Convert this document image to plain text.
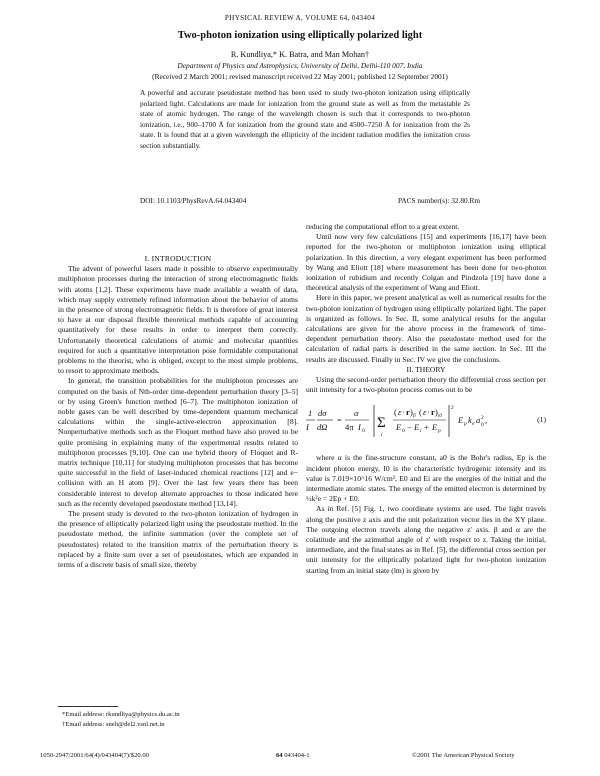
PHYSICAL REVIEW A, VOLUME 64, 043404
Two-photon ionization using elliptically polarized light
R. Kundliya,* K. Batra, and Man Mohan†
Department of Physics and Astrophysics, University of Delhi, Delhi-110 007, India
(Received 2 March 2001; revised manuscript received 22 May 2001; published 12 September 2001)
A powerful and accurate pseudostate method has been used to study two-photon ionization using elliptically polarized light. Calculations are made for ionization from the ground state as well as from the metastable 2s state of atomic hydrogen. The range of the wavelength chosen is such that it corresponds to two-photon ionization, i.e., 900–1700 Å for ionization from the ground state and 4500–7250 Å for ionization from the 2s state. It is found that at a given wavelength the ellipticity of the incident radiation modifies the ionization cross section substantially.
DOI: 10.1103/PhysRevA.64.043404	PACS number(s): 32.80.Rm

I. INTRODUCTION

The advent of powerful lasers made it possible to observe experimentally multiphoton processes during the interaction of strong electromagnetic fields with atoms [1,2]. These experiments have made available a wealth of data, which may supply extremely refined information about the behavior of atoms in the presence of strong electromagnetic fields. It is therefore of great interest to have at our disposal flexible theoretical methods capable of accounting quantitatively for these results in order to interpret them correctly. Unfortunately theoretical calculations of atomic and molecular quantities required for such a quantitative interpretation pose formidable computational problems to the theorist, who is obliged, except to the most simple problems, to resort to approximate methods.

In general, the transition probabilities for the multiphoton processes are computed on the basis of Nth-order time-dependent perturbation theory [3–5] or by using Green's function method [6–7]. The multiphoton ionization of noble gases can be well described by time-dependent quantum mechanical calculations within the single-active-electron approximation [8]. Nonperturbative methods such as the Floquet method have also proved to be quite promising in explaining many of the experimental results related to multiphoton processes [9,10]. One can use hybrid theory of Floquet and R-matrix technique [10,11] for studying multiphoton processes that has become quite successful in the field of laser-induced chemical reactions [12] and e− collision with an H atom [9]. Over the last few years there has been considerable interest to develop alternate approaches to those indicated here such as the recently developed pseudostate method [13,14].

The present study is devoted to the two-photon ionization of hydrogen in the presence of elliptically polarized light using the pseudostate method. In the pseudostate method, the infinite summation (over the complete set of pseudostates) related to the transition matrix of the perturbation theory is replaced by a finite sum over a set of pseudostates, which are expanded in terms of a discrete basis of small size, thereby

reducing the computational effort to a great extent.

Until now very few calculations [15] and experiments [16,17] have been reported for the two-photon or multiphoton ionization using elliptical polarization. In this direction, a very elegant experiment has been performed by Wang and Eliott [18] where measurement has been done for two-photon ionization of rubidium and recently Colgan and Pindzola [19] have done a theoretical analysis of the experiment of Wang and Eliott.

Here in this paper, we present analytical as well as numerical results for the two-photon ionization of hydrogen using elliptically polarized light. The paper is organized as follows. In Sec. II, some analytical results for the angular calculations are given for the above process in the framework of time-dependent perturbation theory. Also the pseudostate method used for the calculation of radial parts is described in the same section. In Sec. III the results are discussed. Finally in Sec. IV we give the conclusions.

II. THEORY

Using the second-order perturbation theory the differential cross section per unit intensity for a two-photon process comes out to be

1
I
dσ
dΩ
=
α
4π I 0 Σ
i
( ε · r ) fi ( ε · r ) i0
E 0 − E i + E p
2
E p k e a 2
0 ,	(1)

where α is the fine-structure constant, a0 is the Bohr's radius, Ep is the incident photon energy, I0 is the characteristic hydrogenic intensity and its value is 7.019×10^16 W/cm², E0 and Ei are the energies of the initial and the intermediate atomic states. The energy of the emitted electron is determined by ½k²e = 2Ep + E0.

As in Ref. [5] Fig. 1, two coordinate systems are used. The light travels along the positive z axis and the unit polarization vector lies in the XY plane. The outgoing electron travels along the negative z′ axis. β and α are the colatitude and the azimuthal angle of z′ with respect to z. Taking the initial, intermediate, and the final states as in Ref. [5], the differential cross section per unit intensity for the elliptically polarized light for two-photon ionization starting from an initial state (lm) is given by

*Email address: rkundliya@physics.du.ac.in
†Email address: sneh@del2.vsnl.net.in
1050-2947/2001/64(4)/043404(7)/$20.00	64 043404-1	©2001 The American Physical Society
